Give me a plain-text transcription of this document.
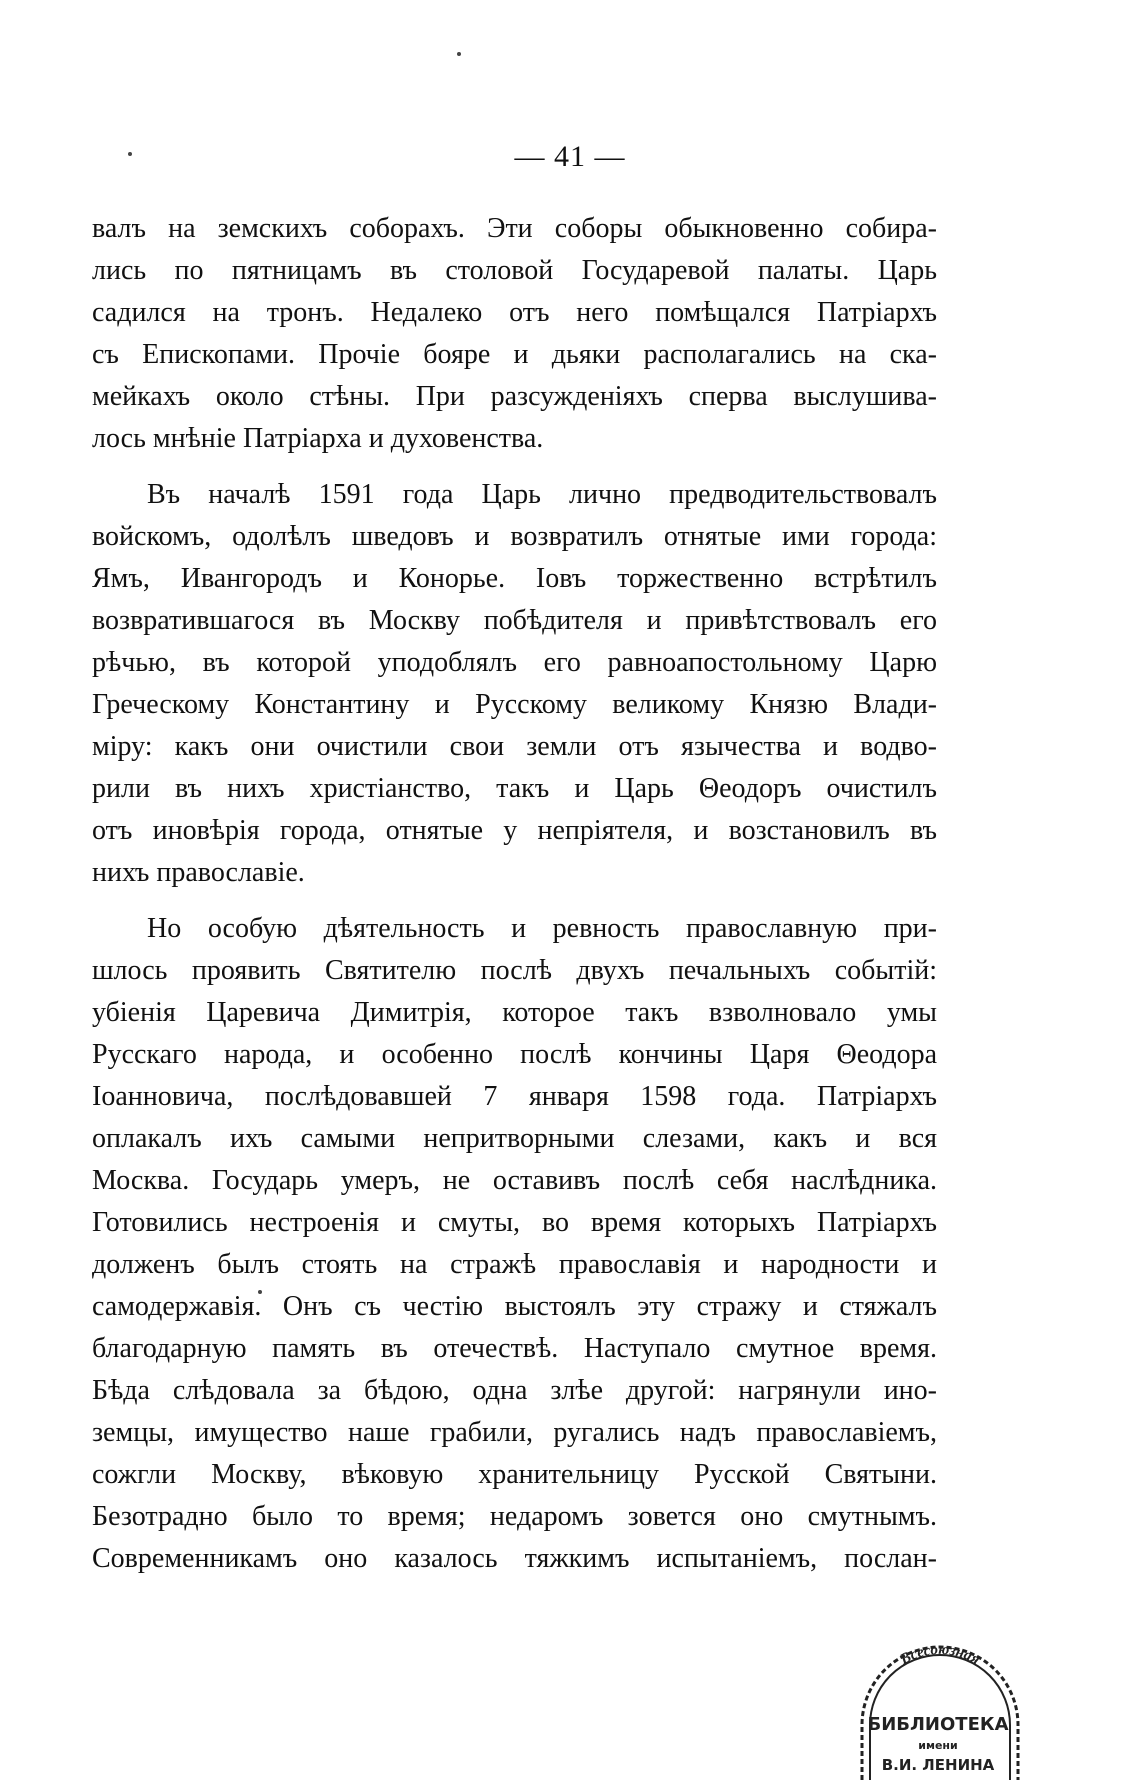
— 41 —
валъ на земскихъ соборахъ. Эти соборы обыкновенно собира-
лись по пятницамъ въ столовой Государевой палаты. Царь
садился на тронъ. Недалеко отъ него помѣщался Патріархъ
съ Епископами. Прочіе бояре и дьяки располагались на ска-
мейкахъ около стѣны. При разсужденіяхъ сперва выслушива-
лось мнѣніе Патріарха и духовенства.
Въ началѣ 1591 года Царь лично предводительствовалъ
войскомъ, одолѣлъ шведовъ и возвратилъ отнятые ими города:
Ямъ, Ивангородъ и Конорье. Іовъ торжественно встрѣтилъ
возвратившагося въ Москву побѣдителя и привѣтствовалъ его
рѣчью, въ которой уподоблялъ его равноапостольному Царю
Греческому Константину и Русскому великому Князю Влади-
міру: какъ они очистили свои земли отъ язычества и водво-
рили въ нихъ христіанство, такъ и Царь Θеодоръ очистилъ
отъ иновѣрія города, отнятые у непріятеля, и возстановилъ въ
нихъ православіе.
Но особую дѣятельность и ревность православную при-
шлось проявить Святителю послѣ двухъ печальныхъ событій:
убіенія Царевича Димитрія, которое такъ взволновало умы
Русскаго народа, и особенно послѣ кончины Царя Θеодора
Іоанновича, послѣдовавшей 7 января 1598 года. Патріархъ
оплакалъ ихъ самыми непритворными слезами, какъ и вся
Москва. Государь умеръ, не оставивъ послѣ себя наслѣдника.
Готовились нестроенія и смуты, во время которыхъ Патріархъ
долженъ былъ стоять на стражѣ православія и народности и
самодержавія. Онъ съ честію выстоялъ эту стражу и стяжалъ
благодарную память въ отечествѣ. Наступало смутное время.
Бѣда слѣдовала за бѣдою, одна злѣе другой: нагрянули ино-
земцы, имущество наше грабили, ругались надъ православіемъ,
сожгли Москву, вѣковую хранительницу Русской Святыни.
Безотрадно было то время; недаромъ зовется оно смутнымъ.
Современникамъ оно казалось тяжкимъ испытаніемъ, послан-
Всесоюзная
БИБЛИОТЕКА
имени
В.И. ЛЕНИНА
